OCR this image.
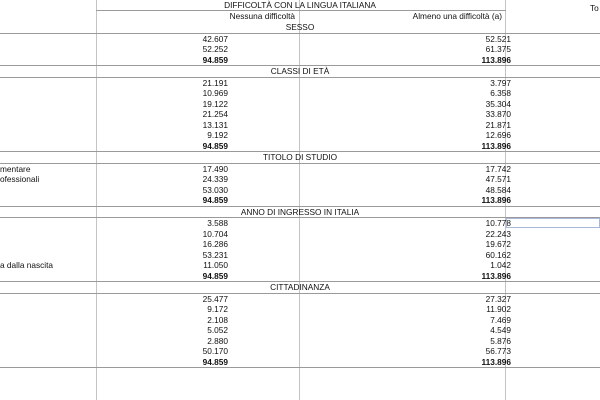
DIFFICOLTÀ CON LA LINGUA ITALIANA
Nessuna difficoltà	Almeno una difficoltà (a)
To
SESSO
42.607	52.521
52.252	61.375
94.859	113.896
CLASSI DI ETÀ
21.191	3.797
10.969	6.358
19.122	35.304
21.254	33.870
13.131	21.871
9.192	12.696
94.859	113.896
TITOLO DI STUDIO
mentare	17.490	17.742
ofessionali	24.339	47.571
53.030	48.584
94.859	113.896
ANNO DI INGRESSO IN ITALIA
3.588	10.778
10.704	22.243
16.286	19.672
53.231	60.162
a dalla nascita	11.050	1.042
94.859	113.896
CITTADINANZA
25.477	27.327
9.172	11.902
2.108	7.469
5.052	4.549
2.880	5.876
50.170	56.773
94.859	113.896
